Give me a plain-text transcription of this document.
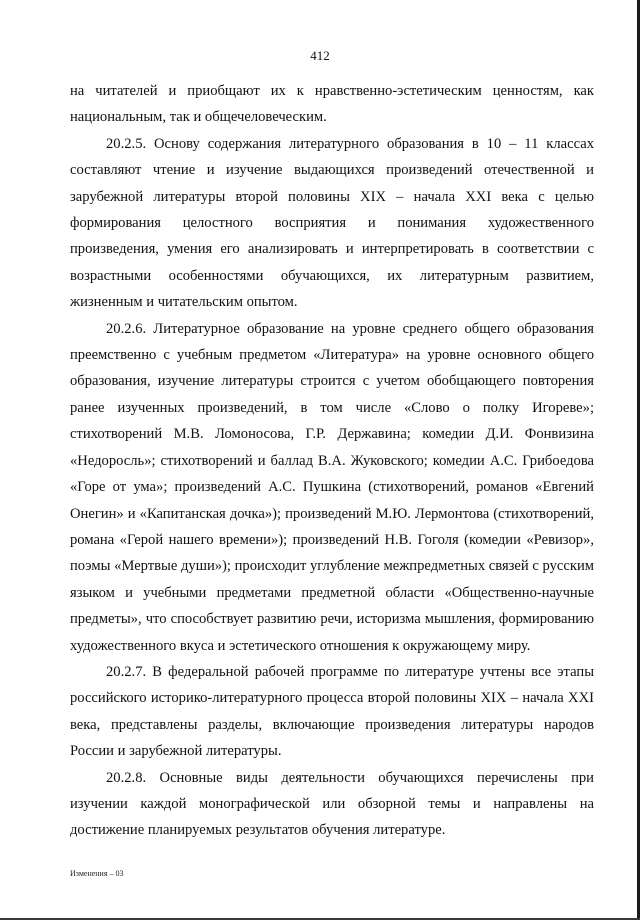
412

на читателей и приобщают их к нравственно-эстетическим ценностям, как национальным, так и общечеловеческим.

20.2.5. Основу содержания литературного образования в 10 – 11 классах составляют чтение и изучение выдающихся произведений отечественной и зарубежной литературы второй половины XIX – начала XXI века с целью формирования целостного восприятия и понимания художественного произведения, умения его анализировать и интерпретировать в соответствии с возрастными особенностями обучающихся, их литературным развитием, жизненным и читательским опытом.

20.2.6. Литературное образование на уровне среднего общего образования преемственно с учебным предметом «Литература» на уровне основного общего образования, изучение литературы строится с учетом обобщающего повторения ранее изученных произведений, в том числе «Слово о полку Игореве»; стихотворений М.В. Ломоносова, Г.Р. Державина; комедии Д.И. Фонвизина «Недоросль»; стихотворений и баллад В.А. Жуковского; комедии А.С. Грибоедова «Горе от ума»; произведений А.С. Пушкина (стихотворений, романов «Евгений Онегин» и «Капитанская дочка»); произведений М.Ю. Лермонтова (стихотворений, романа «Герой нашего времени»); произведений Н.В. Гоголя (комедии «Ревизор», поэмы «Мертвые души»); происходит углубление межпредметных связей с русским языком и учебными предметами предметной области «Общественно-научные предметы», что способствует развитию речи, историзма мышления, формированию художественного вкуса и эстетического отношения к окружающему миру.

20.2.7. В федеральной рабочей программе по литературе учтены все этапы российского историко-литературного процесса второй половины XIX – начала XXI века, представлены разделы, включающие произведения литературы народов России и зарубежной литературы.

20.2.8. Основные виды деятельности обучающихся перечислены при изучении каждой монографической или обзорной темы и направлены на достижение планируемых результатов обучения литературе.

Изменения – 03
